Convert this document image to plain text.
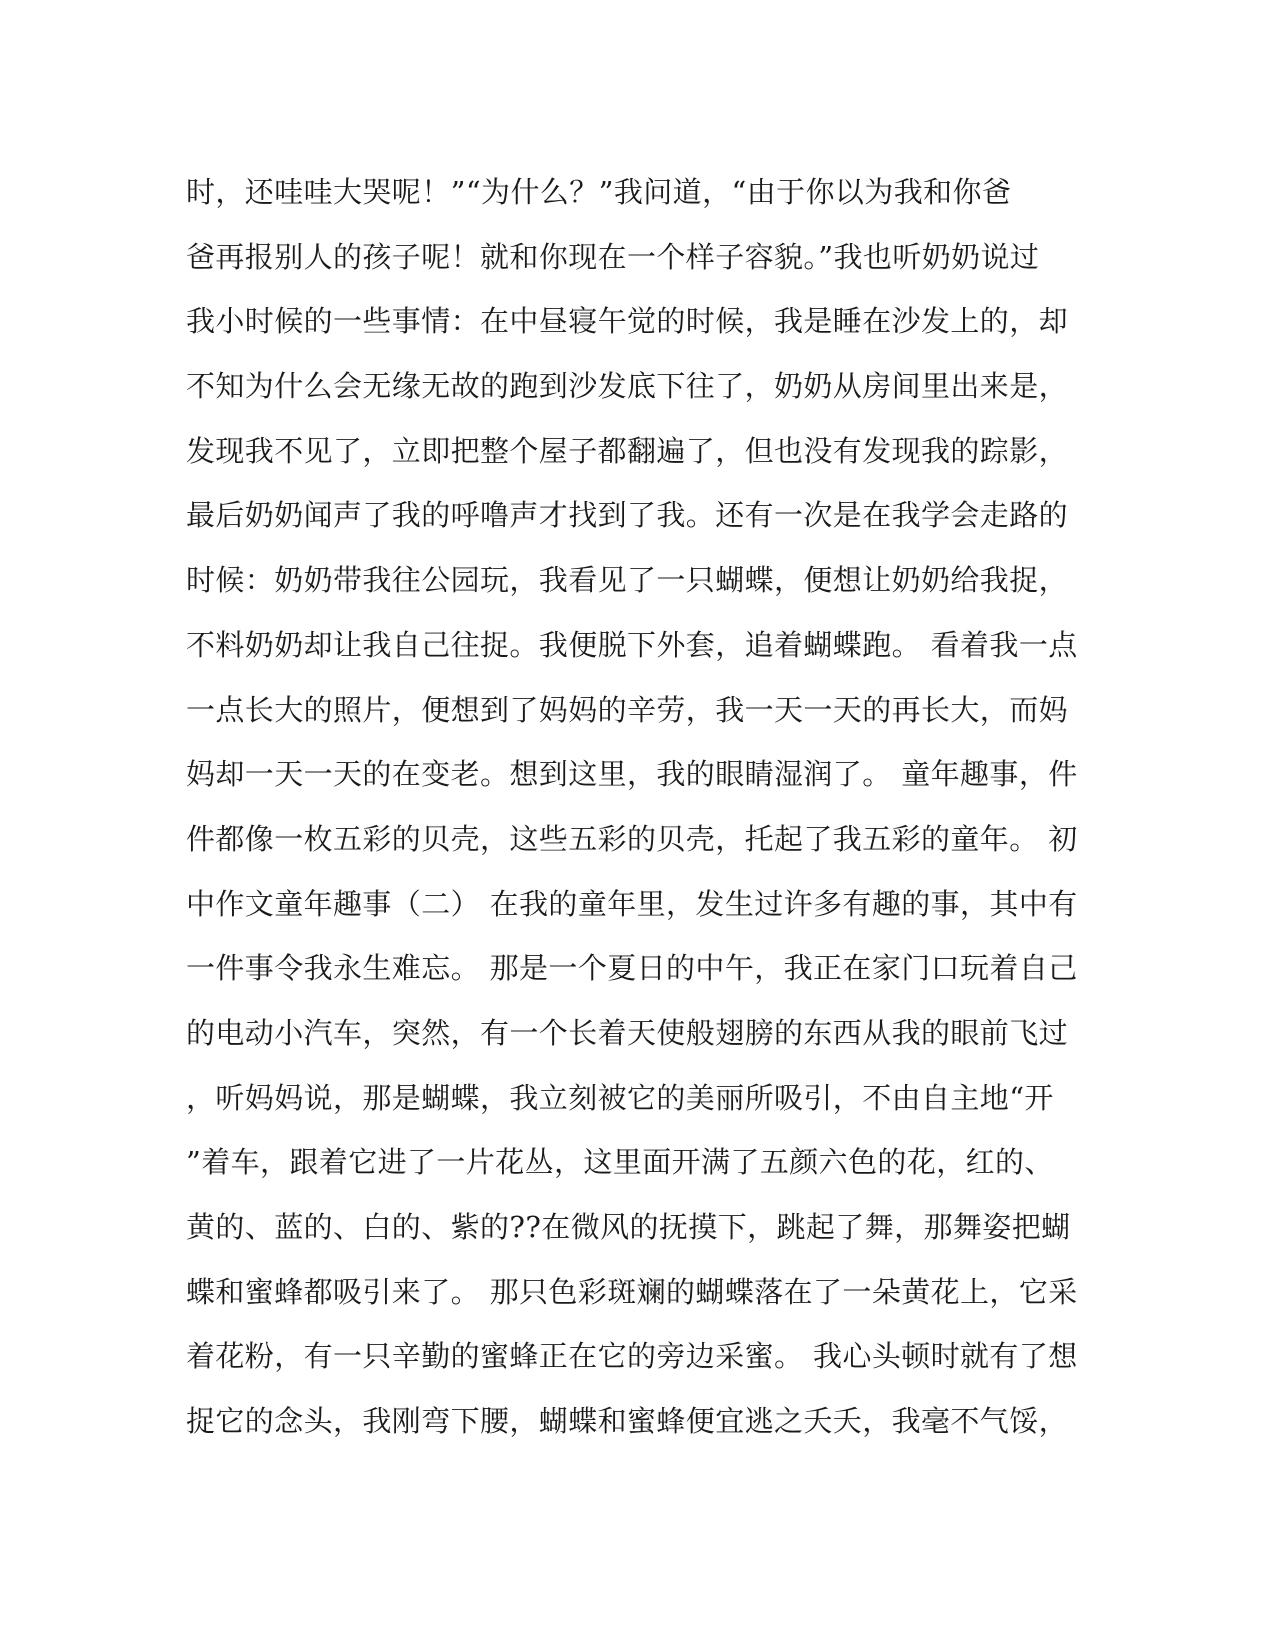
时，还哇哇大哭呢！”“为什么？”我问道，“由于你以为我和你爸
爸再报别人的孩子呢！就和你现在一个样子容貌。”我也听奶奶说过
我小时候的一些事情：在中昼寝午觉的时候，我是睡在沙发上的，却
不知为什么会无缘无故的跑到沙发底下往了，奶奶从房间里出来是，
发现我不见了，立即把整个屋子都翻遍了，但也没有发现我的踪影，
最后奶奶闻声了我的呼噜声才找到了我。还有一次是在我学会走路的
时候：奶奶带我往公园玩，我看见了一只蝴蝶，便想让奶奶给我捉，
不料奶奶却让我自己往捉。我便脱下外套，追着蝴蝶跑。 看着我一点
一点长大的照片，便想到了妈妈的辛劳，我一天一天的再长大，而妈
妈却一天一天的在变老。想到这里，我的眼睛湿润了。 童年趣事，件
件都像一枚五彩的贝壳，这些五彩的贝壳，托起了我五彩的童年。 初
中作文童年趣事（二） 在我的童年里，发生过许多有趣的事，其中有
一件事令我永生难忘。 那是一个夏日的中午，我正在家门口玩着自己
的电动小汽车，突然，有一个长着天使般翅膀的东西从我的眼前飞过
，听妈妈说，那是蝴蝶，我立刻被它的美丽所吸引，不由自主地“开
”着车，跟着它进了一片花丛，这里面开满了五颜六色的花，红的、
黄的、蓝的、白的、紫的??在微风的抚摸下，跳起了舞，那舞姿把蝴
蝶和蜜蜂都吸引来了。 那只色彩斑斓的蝴蝶落在了一朵黄花上，它采
着花粉，有一只辛勤的蜜蜂正在它的旁边采蜜。 我心头顿时就有了想
捉它的念头，我刚弯下腰，蝴蝶和蜜蜂便宜逃之夭夭，我毫不气馁，
